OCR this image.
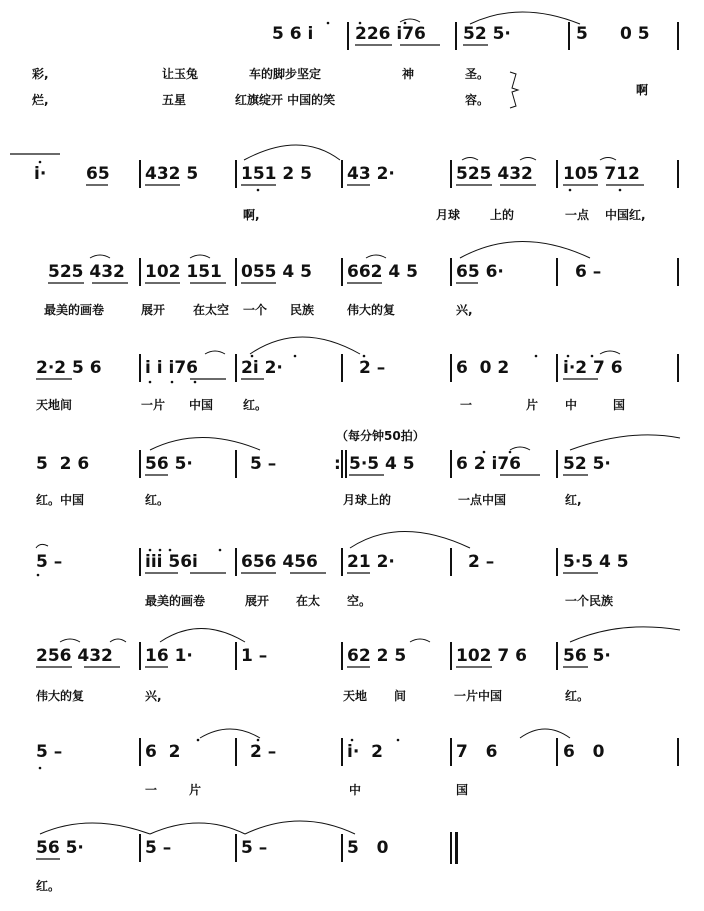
5 6 i 226 i76 52 5·	5 0 5
彩,	让玉兔	车的脚步坚定	神	圣。
烂,	五星	红旗绽开 中国的笑	容。
啊
i· 65 432 5	151 2 5 43 2·	525 432 105 712
啊,	月球 上的	一点 中国红,
525 432 102 151 055 4 5 662 4 5 65 6·	6 –
最美的画卷	展开 在太空 一个 民族	伟大的复	兴,
2·2 5 6	i i i76	2i 2·	2 –	6  0 2	i·2 7 6
天地间	一片 中国 红。	一	片 中	国
（每分钟50拍）
5  2 6	56 5·	5 –	: 5·5 4 5 6 2 i76 52 5·
红。中国	红。	月球上的	一点中国	红,
5 –	iii 56i	656 456 21 2·	2 –	5·5 4 5
最美的画卷	展开 在太 空。	一个民族
256 432 16 1·	1 –	62 2 5	102 7 6 56 5·
伟大的复	兴,	天地 间	一片中国	红。
5 –	6  2	2 –	i·  2	7   6	6   0
一	片	中	国
56 5·	5 –	5 –	5   0
红。
